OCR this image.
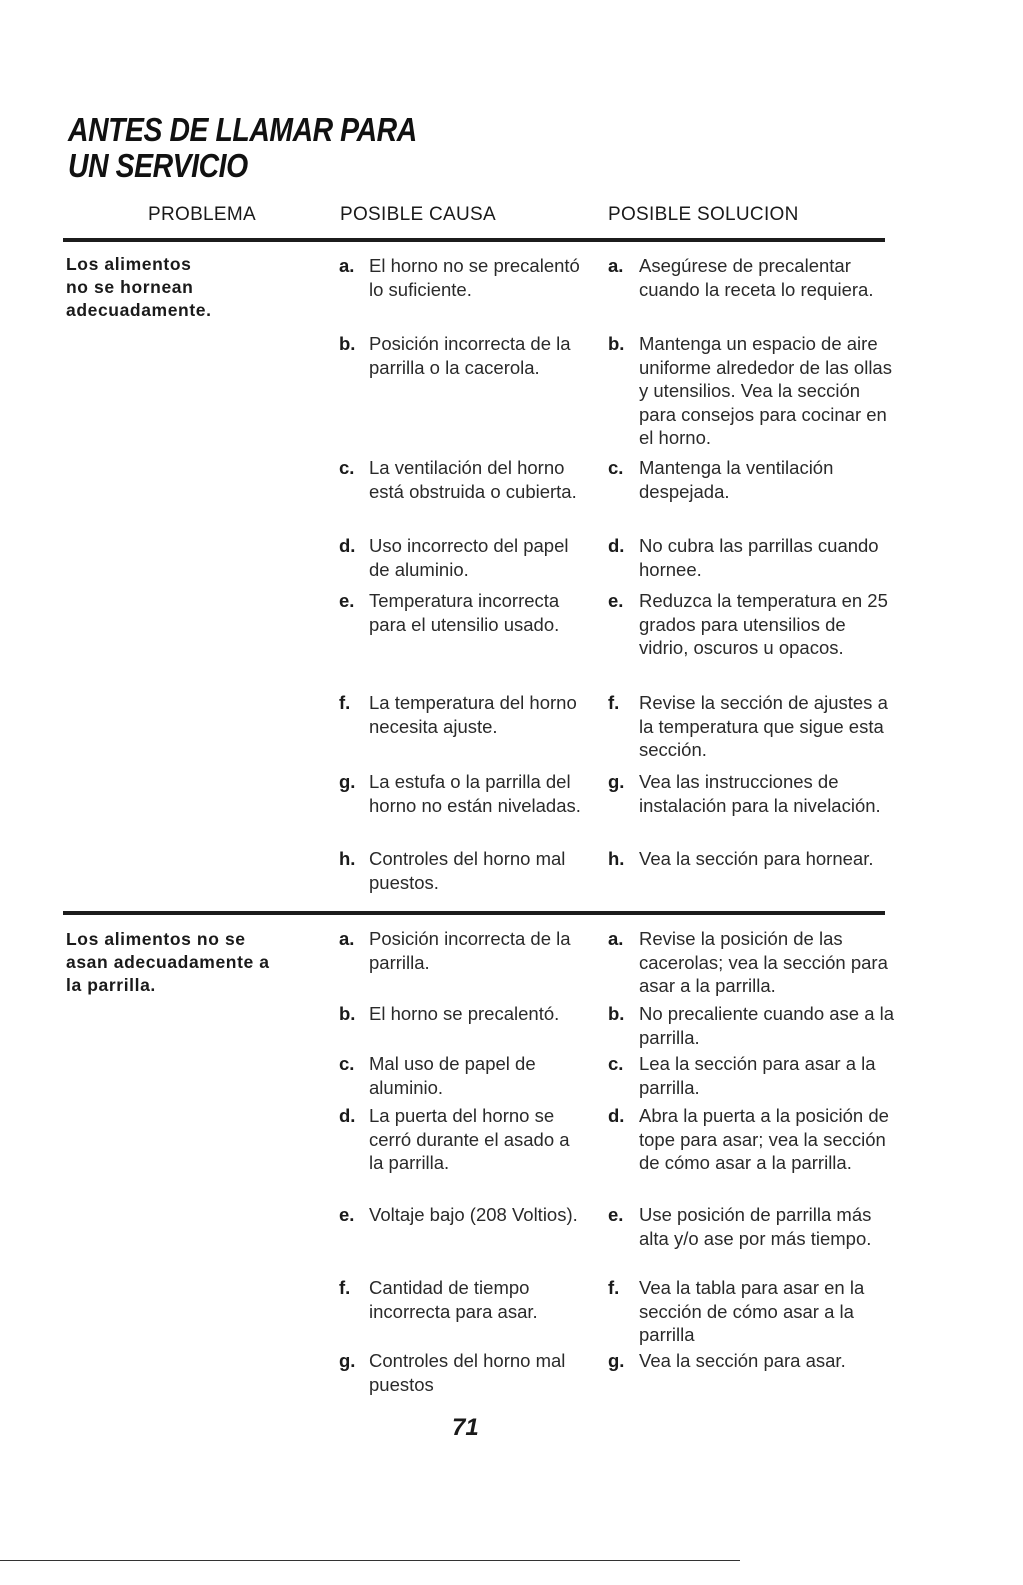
ANTES DE LLAMAR PARA
UN SERVICIO
PROBLEMA	POSIBLE CAUSA	POSIBLE SOLUCION
Los alimentos
no se hornean
adecuadamente.
a. El horno no se precalentó lo suficiente.
b. Posición incorrecta de la parrilla o la cacerola.
c. La ventilación del horno está obstruida o cubierta.
d. Uso incorrecto del papel de aluminio.
e. Temperatura incorrecta para el utensilio usado.
f. La temperatura del horno necesita ajuste.
g. La estufa o la parrilla del horno no están niveladas.
h. Controles del horno mal puestos.
a. Asegúrese de precalentar cuando la receta lo requiera.
b. Mantenga un espacio de aire uniforme alrededor de las ollas y utensilios. Vea la sección para consejos para cocinar en el horno.
c. Mantenga la ventilación despejada.
d. No cubra las parrillas cuando hornee.
e. Reduzca la temperatura en 25 grados para utensilios de vidrio, oscuros u opacos.
f. Revise la sección de ajustes a la temperatura que sigue esta sección.
g. Vea las instrucciones de instalación para la nivelación.
h. Vea la sección para hornear.
Los alimentos no se
asan adecuadamente a
la parrilla.
a. Posición incorrecta de la parrilla.
b. El horno se precalentó.
c. Mal uso de papel de aluminio.
d. La puerta del horno se cerró durante el asado a la parrilla.
e. Voltaje bajo (208 Voltios).
f. Cantidad de tiempo incorrecta para asar.
g. Controles del horno mal puestos
a. Revise la posición de las cacerolas; vea la sección para asar a la parrilla.
b. No precaliente cuando ase a la parrilla.
c. Lea la sección para asar a la parrilla.
d. Abra la puerta a la posición de tope para asar; vea la sección de cómo asar a la parrilla.
e. Use posición de parrilla más alta y/o ase por más tiempo.
f. Vea la tabla para asar en la sección de cómo asar a la parrilla
g. Vea la sección para asar.
71
